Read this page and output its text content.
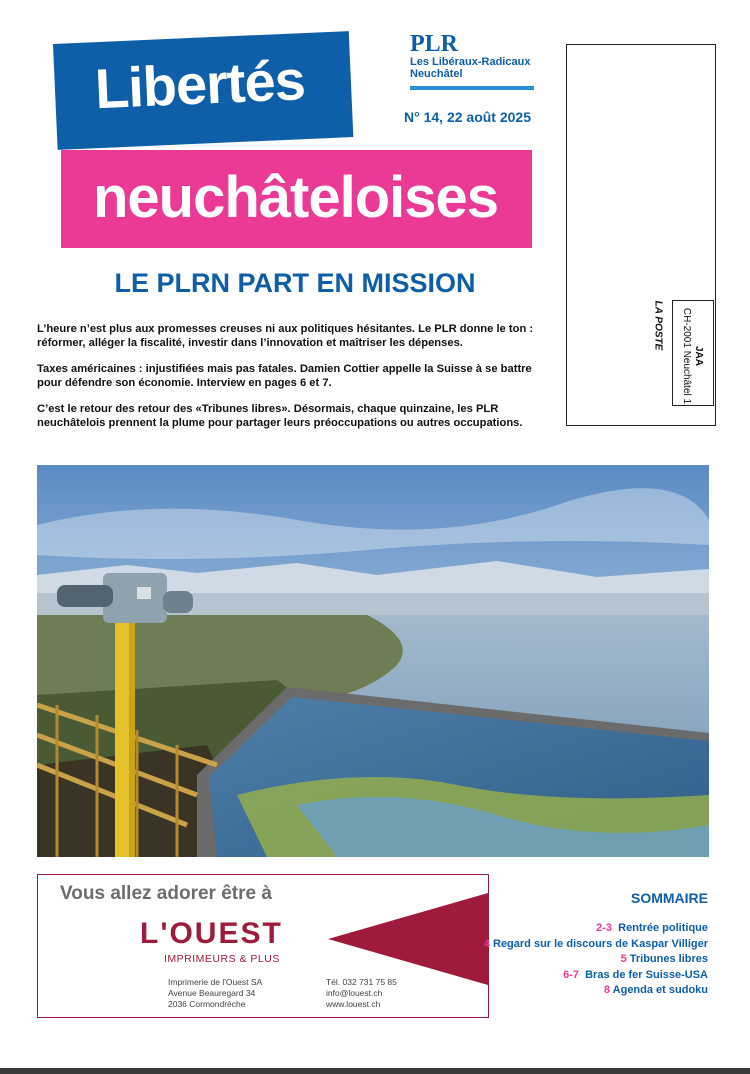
Libertés
neuchâteloises
PLR
Les Libéraux-Radicaux
Neuchâtel
N° 14, 22 août 2025
JAA
CH-2001 Neuchâtel 1
LA POSTE
LE PLRN PART EN MISSION

L’heure n’est plus aux promesses creuses ni aux politiques hésitantes. Le PLR donne le ton : réformer, alléger la fiscalité, investir dans l’innovation et maîtriser les dépenses.

Taxes américaines : injustifiées mais pas fatales. Damien Cottier appelle la Suisse à se battre pour défendre son économie. Interview en pages 6 et 7.

C’est le retour des retour des «Tribunes libres». Désormais, chaque quinzaine, les PLR neuchâtelois prennent la plume pour partager leurs préoccupations ou autres occupations.

Vous allez adorer être à
L'OUEST
IMPRIMEURS & PLUS
Imprimerie de l'Ouest SA
Avenue Beauregard 34
2036 Cormondrèche
Tél. 032 731 75 85
info@louest.ch
www.louest.ch
SOMMAIRE
2-3 Rentrée politique
4 Regard sur le discours de Kaspar Villiger
5 Tribunes libres
6-7 Bras de fer Suisse-USA
8 Agenda et sudoku
